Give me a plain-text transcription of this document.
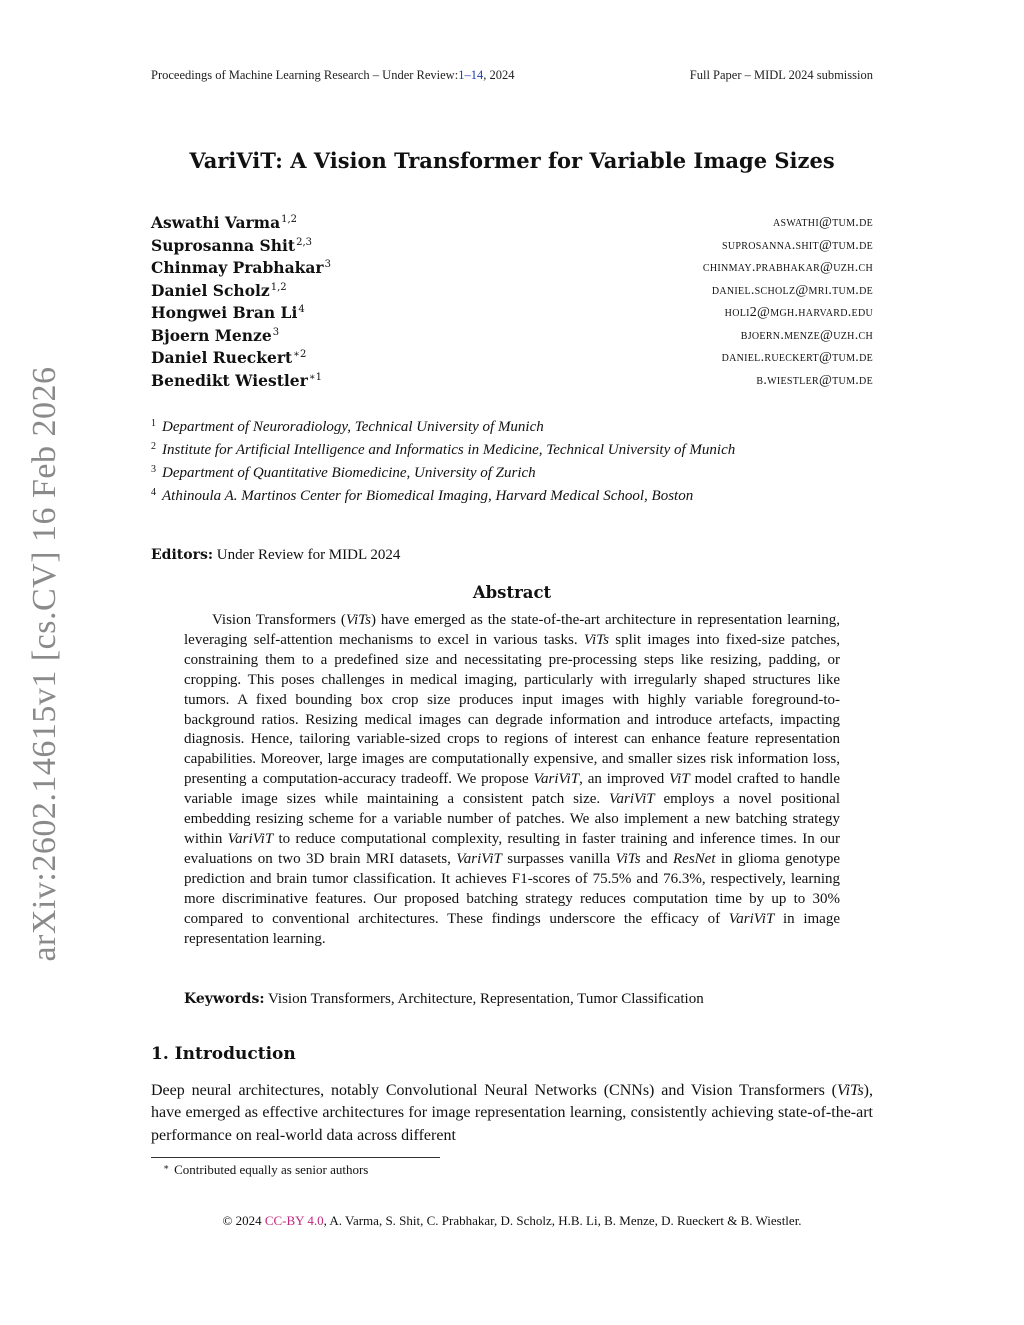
Proceedings of Machine Learning Research – Under Review:1–14, 2024	Full Paper – MIDL 2024 submission
arXiv:2602.14615v1 [cs.CV] 16 Feb 2026
VariViT: A Vision Transformer for Variable Image Sizes
Aswathi Varma$^{1,2}$	aswathi@tum.de
Suprosanna Shit$^{2,3}$	suprosanna.shit@tum.de
Chinmay Prabhakar$^3$	chinmay.prabhakar@uzh.ch
Daniel Scholz$^{1,2}$	daniel.scholz@mri.tum.de
Hongwei Bran Li$^4$	holi2@mgh.harvard.edu
Bjoern Menze$^3$	bjoern.menze@uzh.ch
Daniel Rueckert$^{∗2}$	daniel.rueckert@tum.de
Benedikt Wiestler$^{∗1}$	b.wiestler@tum.de
$^1$ Department of Neuroradiology, Technical University of Munich
$^2$ Institute for Artificial Intelligence and Informatics in Medicine, Technical University of Munich
$^3$ Department of Quantitative Biomedicine, University of Zurich
$^4$ Athinoula A. Martinos Center for Biomedical Imaging, Harvard Medical School, Boston
Editors: Under Review for MIDL 2024
Abstract
Vision Transformers (ViTs) have emerged as the state-of-the-art architecture in representation learning, leveraging self-attention mechanisms to excel in various tasks. ViTs split images into fixed-size patches, constraining them to a predefined size and necessitating pre-processing steps like resizing, padding, or cropping. This poses challenges in medical imaging, particularly with irregularly shaped structures like tumors. A fixed bounding box crop size produces input images with highly variable foreground-to-background ratios. Resizing medical images can degrade information and introduce artefacts, impacting diagnosis. Hence, tailoring variable-sized crops to regions of interest can enhance feature representation capabilities. Moreover, large images are computationally expensive, and smaller sizes risk information loss, presenting a computation-accuracy tradeoff. We propose VariViT, an improved ViT model crafted to handle variable image sizes while maintaining a consistent patch size. VariViT employs a novel positional embedding resizing scheme for a variable number of patches. We also implement a new batching strategy within VariViT to reduce computational complexity, resulting in faster training and inference times. In our evaluations on two 3D brain MRI datasets, VariViT surpasses vanilla ViTs and ResNet in glioma genotype prediction and brain tumor classification. It achieves F1-scores of 75.5% and 76.3%, respectively, learning more discriminative features. Our proposed batching strategy reduces computation time by up to 30% compared to conventional architectures. These findings underscore the efficacy of VariViT in image representation learning.
Keywords: Vision Transformers, Architecture, Representation, Tumor Classification
1. Introduction
Deep neural architectures, notably Convolutional Neural Networks (CNNs) and Vision Transformers (ViTs), have emerged as effective architectures for image representation learning, consistently achieving state-of-the-art performance on real-world data across different
∗ Contributed equally as senior authors
© 2024 CC-BY 4.0, A. Varma, S. Shit, C. Prabhakar, D. Scholz, H.B. Li, B. Menze, D. Rueckert & B. Wiestler.
